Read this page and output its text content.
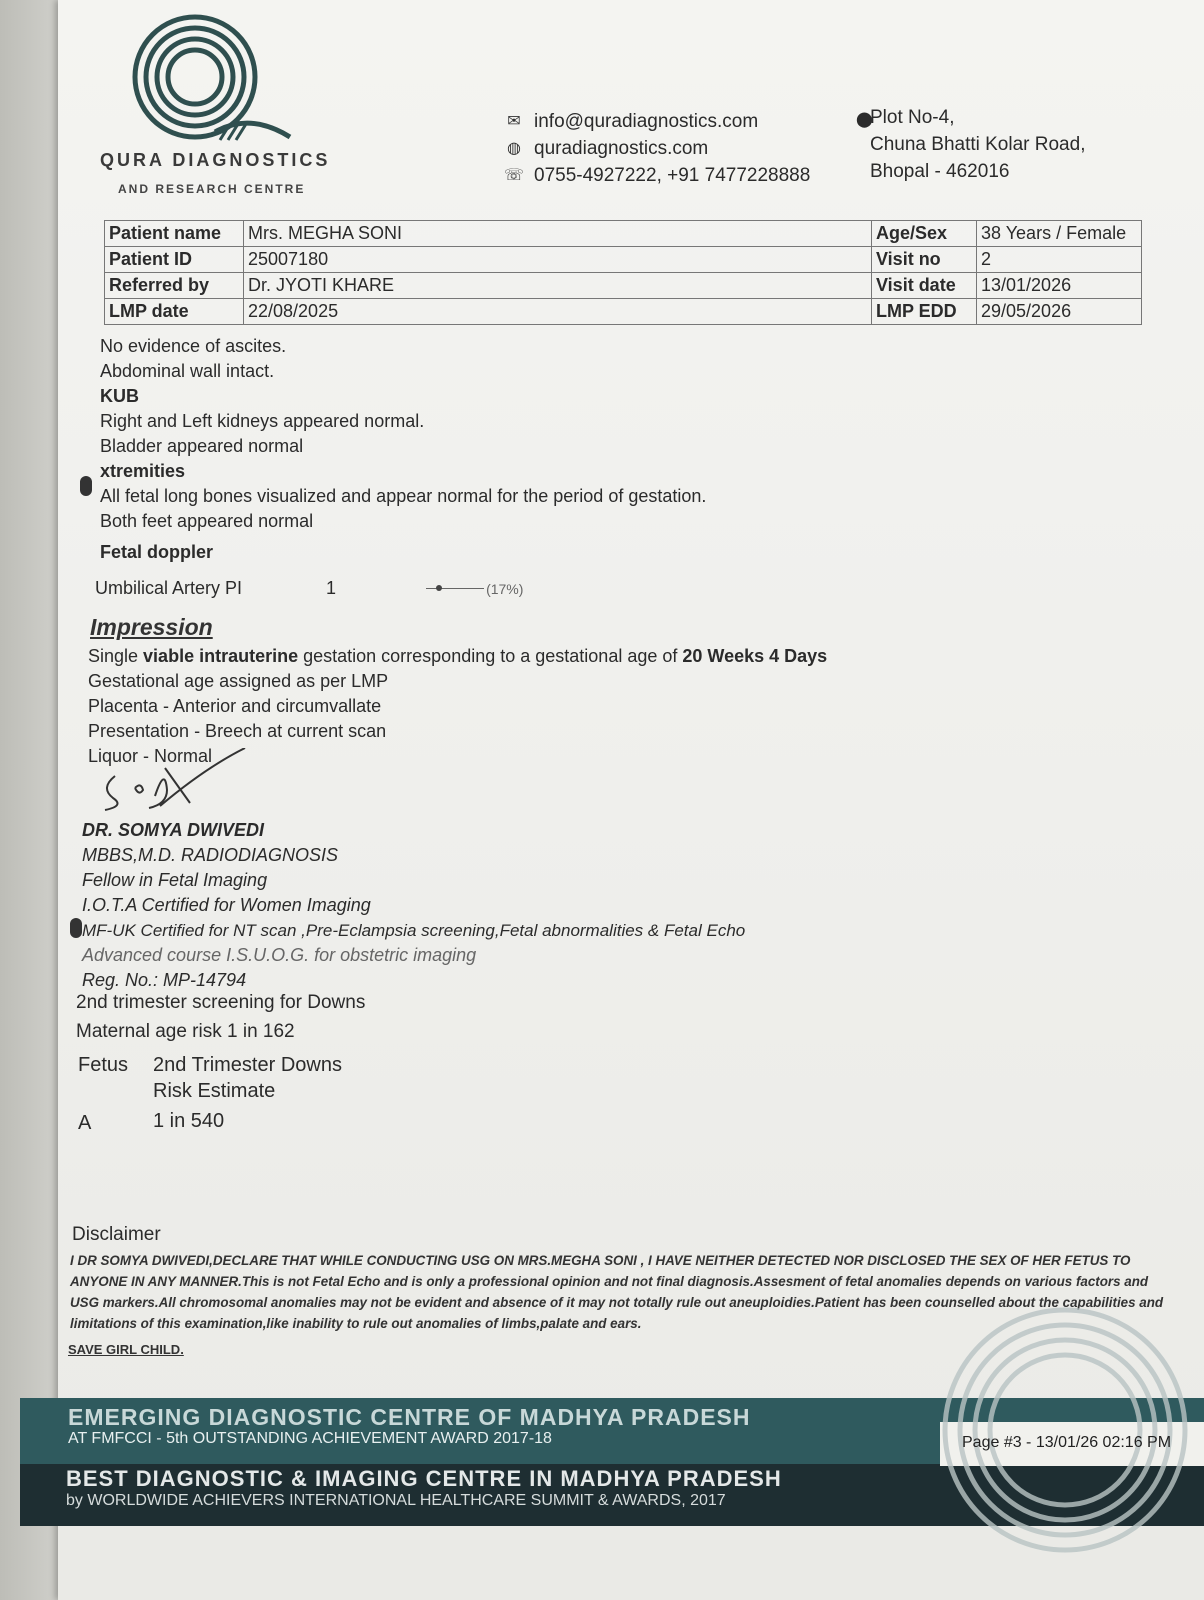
QURA DIAGNOSTICS
AND RESEARCH CENTRE
✉ info@quradiagnostics.com
◍ quradiagnostics.com
☏ 0755-4927222, +91 7477228888
⬤
Plot No-4,
Chuna Bhatti Kolar Road,
Bhopal - 462016
Patient name	Mrs. MEGHA SONI	Age/Sex	38 Years / Female
Patient ID	25007180	Visit no	2
Referred by	Dr. JYOTI KHARE	Visit date	13/01/2026
LMP date	22/08/2025	LMP EDD	29/05/2026
No evidence of ascites.
Abdominal wall intact.
KUB
Right and Left kidneys appeared normal.
Bladder appeared normal
xtremities
All fetal long bones visualized and appear normal for the period of gestation.
Both feet appeared normal
Fetal doppler
Umbilical Artery PI	1	(17%)
Impression
Single viable intrauterine gestation corresponding to a gestational age of 20 Weeks 4 Days
Gestational age assigned as per LMP
Placenta - Anterior and circumvallate
Presentation - Breech at current scan
Liquor - Normal
DR. SOMYA DWIVEDI
MBBS,M.D. RADIODIAGNOSIS
Fellow in Fetal Imaging
I.O.T.A Certified for Women Imaging
MF-UK Certified for NT scan ,Pre-Eclampsia screening,Fetal abnormalities & Fetal Echo
Advanced course I.S.U.O.G. for obstetric imaging
Reg. No.: MP-14794
2nd trimester screening for Downs
Maternal age risk 1 in 162
Fetus	2nd Trimester Downs
Risk Estimate
A	1 in 540
Disclaimer
I DR SOMYA DWIVEDI,DECLARE THAT WHILE CONDUCTING USG ON MRS.MEGHA SONI , I HAVE NEITHER DETECTED NOR DISCLOSED THE SEX OF HER FETUS TO ANYONE IN ANY MANNER.This is not Fetal Echo and is only a professional opinion and not final diagnosis.Assesment of fetal anomalies depends on various factors and USG markers.All chromosomal anomalies may not be evident and absence of it may not totally rule out aneuploidies.Patient has been counselled about the capabilities and limitations of this examination,like inability to rule out anomalies of limbs,palate and ears.
SAVE GIRL CHILD.
EMERGING DIAGNOSTIC CENTRE OF MADHYA PRADESH
AT FMFCCI - 5th OUTSTANDING ACHIEVEMENT AWARD 2017-18
BEST DIAGNOSTIC & IMAGING CENTRE IN MADHYA PRADESH
by WORLDWIDE ACHIEVERS INTERNATIONAL HEALTHCARE SUMMIT & AWARDS, 2017
Page #3 - 13/01/26 02:16 PM
